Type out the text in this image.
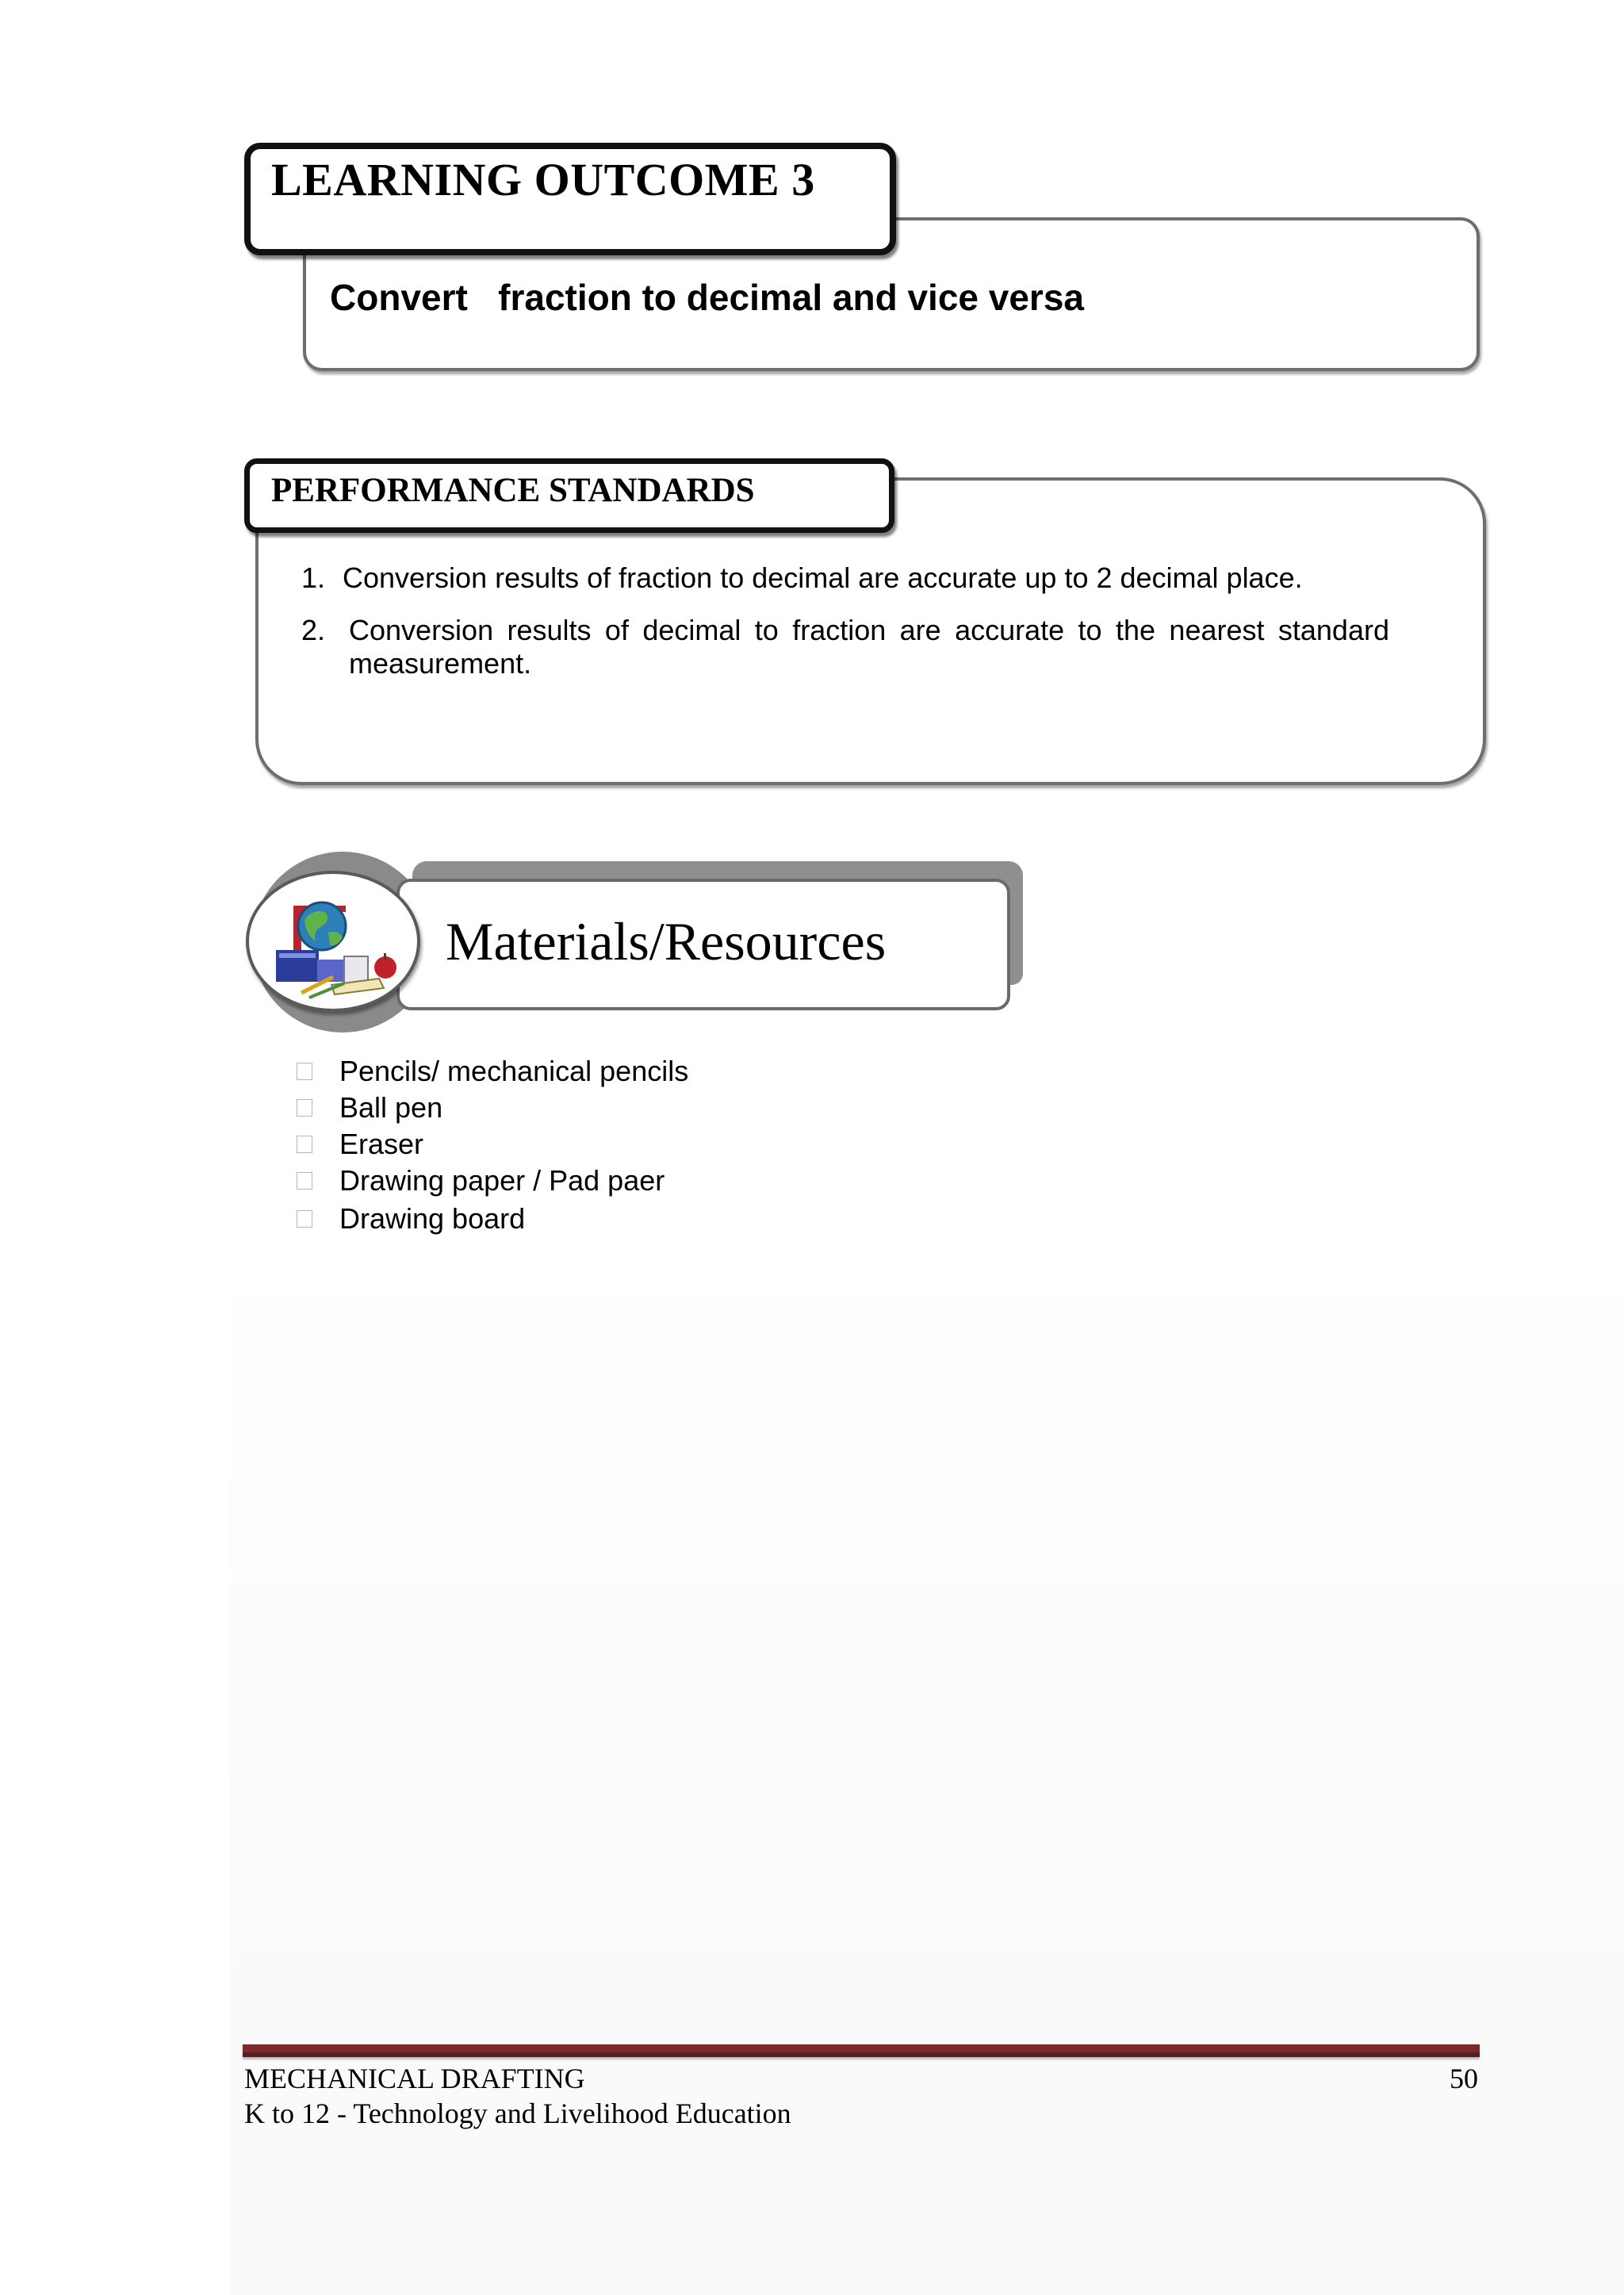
LEARNING OUTCOME 3

Convert   fraction to decimal and vice versa

PERFORMANCE STANDARDS
1. Conversion results of fraction to decimal are accurate up to 2 decimal place.
2. Conversion results of decimal to fraction are accurate to the nearest standard
measurement.
Materials/Resources
Pencils/ mechanical pencils
Ball pen
Eraser
Drawing paper / Pad paer
Drawing board
MECHANICAL DRAFTING
K to 12 - Technology and Livelihood Education
50
